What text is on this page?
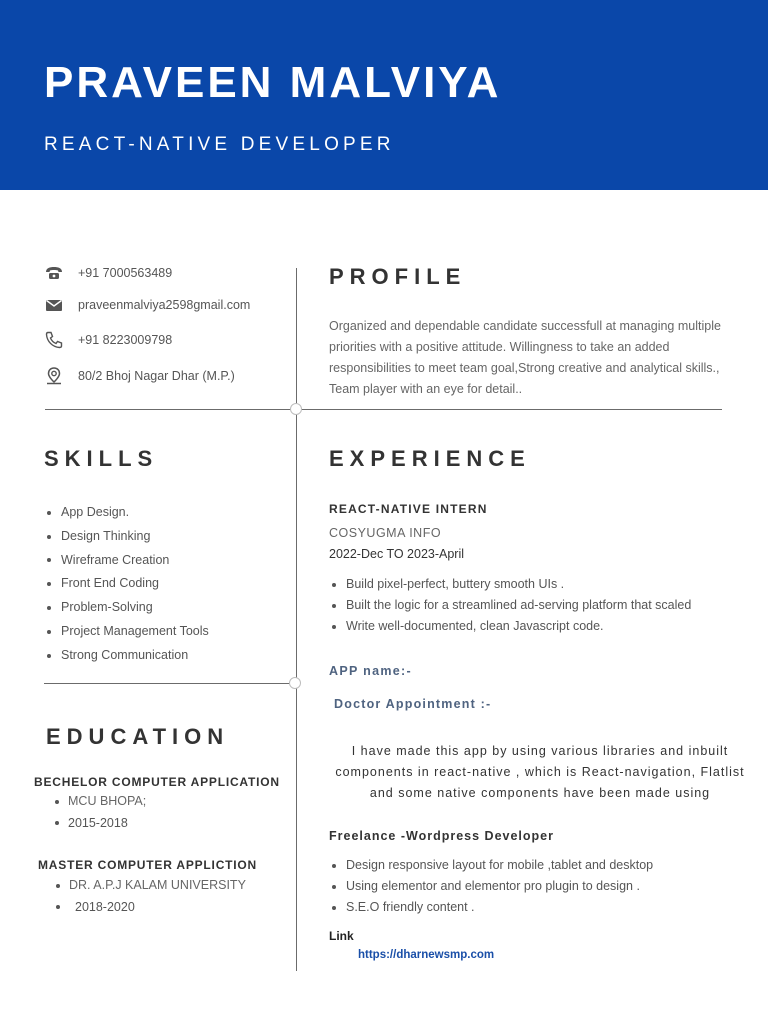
PRAVEEN MALVIYA
REACT-NATIVE DEVELOPER
+91 7000563489
praveenmalviya2598gmail.com
+91 8223009798
80/2 Bhoj Nagar Dhar (M.P.)
PROFILE
Organized and dependable candidate successfull at managing multiple priorities with a positive attitude. Willingness to take an added responsibilities to meet team goal,Strong creative and analytical skills., Team player with an eye for detail..
SKILLS
App Design.
Design Thinking
Wireframe Creation
Front End Coding
Problem-Solving
Project Management Tools
Strong Communication
EXPERIENCE
REACT-NATIVE INTERN
COSYUGMA INFO
2022-Dec TO 2023-April
Build pixel-perfect, buttery smooth UIs .
Built the logic for a streamlined ad-serving platform that scaled
Write well-documented, clean Javascript code.
APP name:-
Doctor Appointment :-
I have made this app by using various libraries and inbuilt components in react-native , which is React-navigation, Flatlist and some native components have been made using
Freelance -Wordpress Developer
Design responsive layout for mobile ,tablet and desktop
Using elementor and elementor pro plugin to design .
S.E.O friendly content .
Link
https://dharnewsmp.com
EDUCATION
BECHELOR COMPUTER APPLICATION
MCU BHOPA;
2015-2018
MASTER COMPUTER APPLICTION
DR. A.P.J KALAM UNIVERSITY
2018-2020
